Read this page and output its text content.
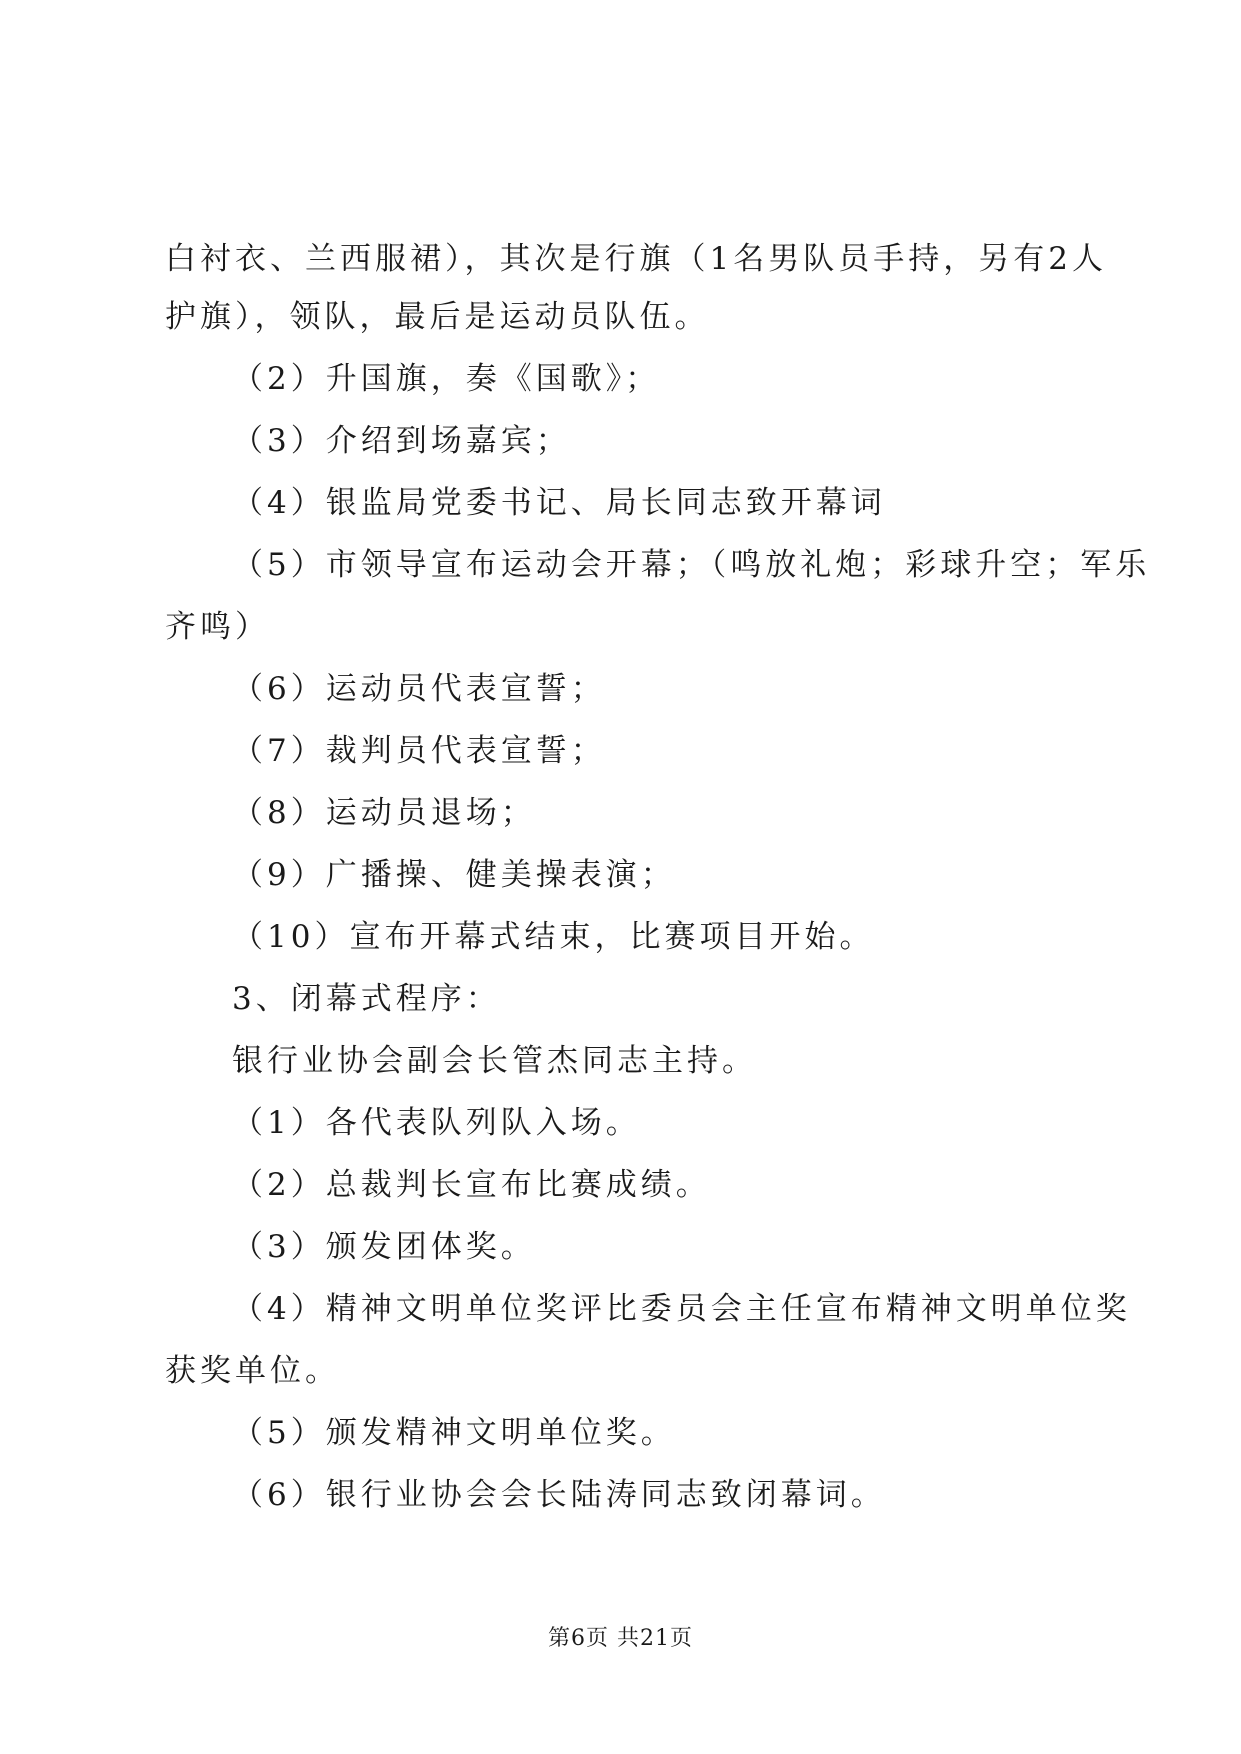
白衬衣、兰西服裙），其次是行旗（1名男队员手持，另有2人
护旗），领队，最后是运动员队伍。
（2）升国旗，奏《国歌》；
（3）介绍到场嘉宾；
（4）银监局党委书记、局长同志致开幕词
（5）市领导宣布运动会开幕；（鸣放礼炮；彩球升空；军乐
齐鸣）
（6）运动员代表宣誓；
（7）裁判员代表宣誓；
（8）运动员退场；
（9）广播操、健美操表演；
（10）宣布开幕式结束，比赛项目开始。
3、闭幕式程序：
银行业协会副会长管杰同志主持。
（1）各代表队列队入场。
（2）总裁判长宣布比赛成绩。
（3）颁发团体奖。
（4）精神文明单位奖评比委员会主任宣布精神文明单位奖
获奖单位。
（5）颁发精神文明单位奖。
（6）银行业协会会长陆涛同志致闭幕词。
第6页 共21页
